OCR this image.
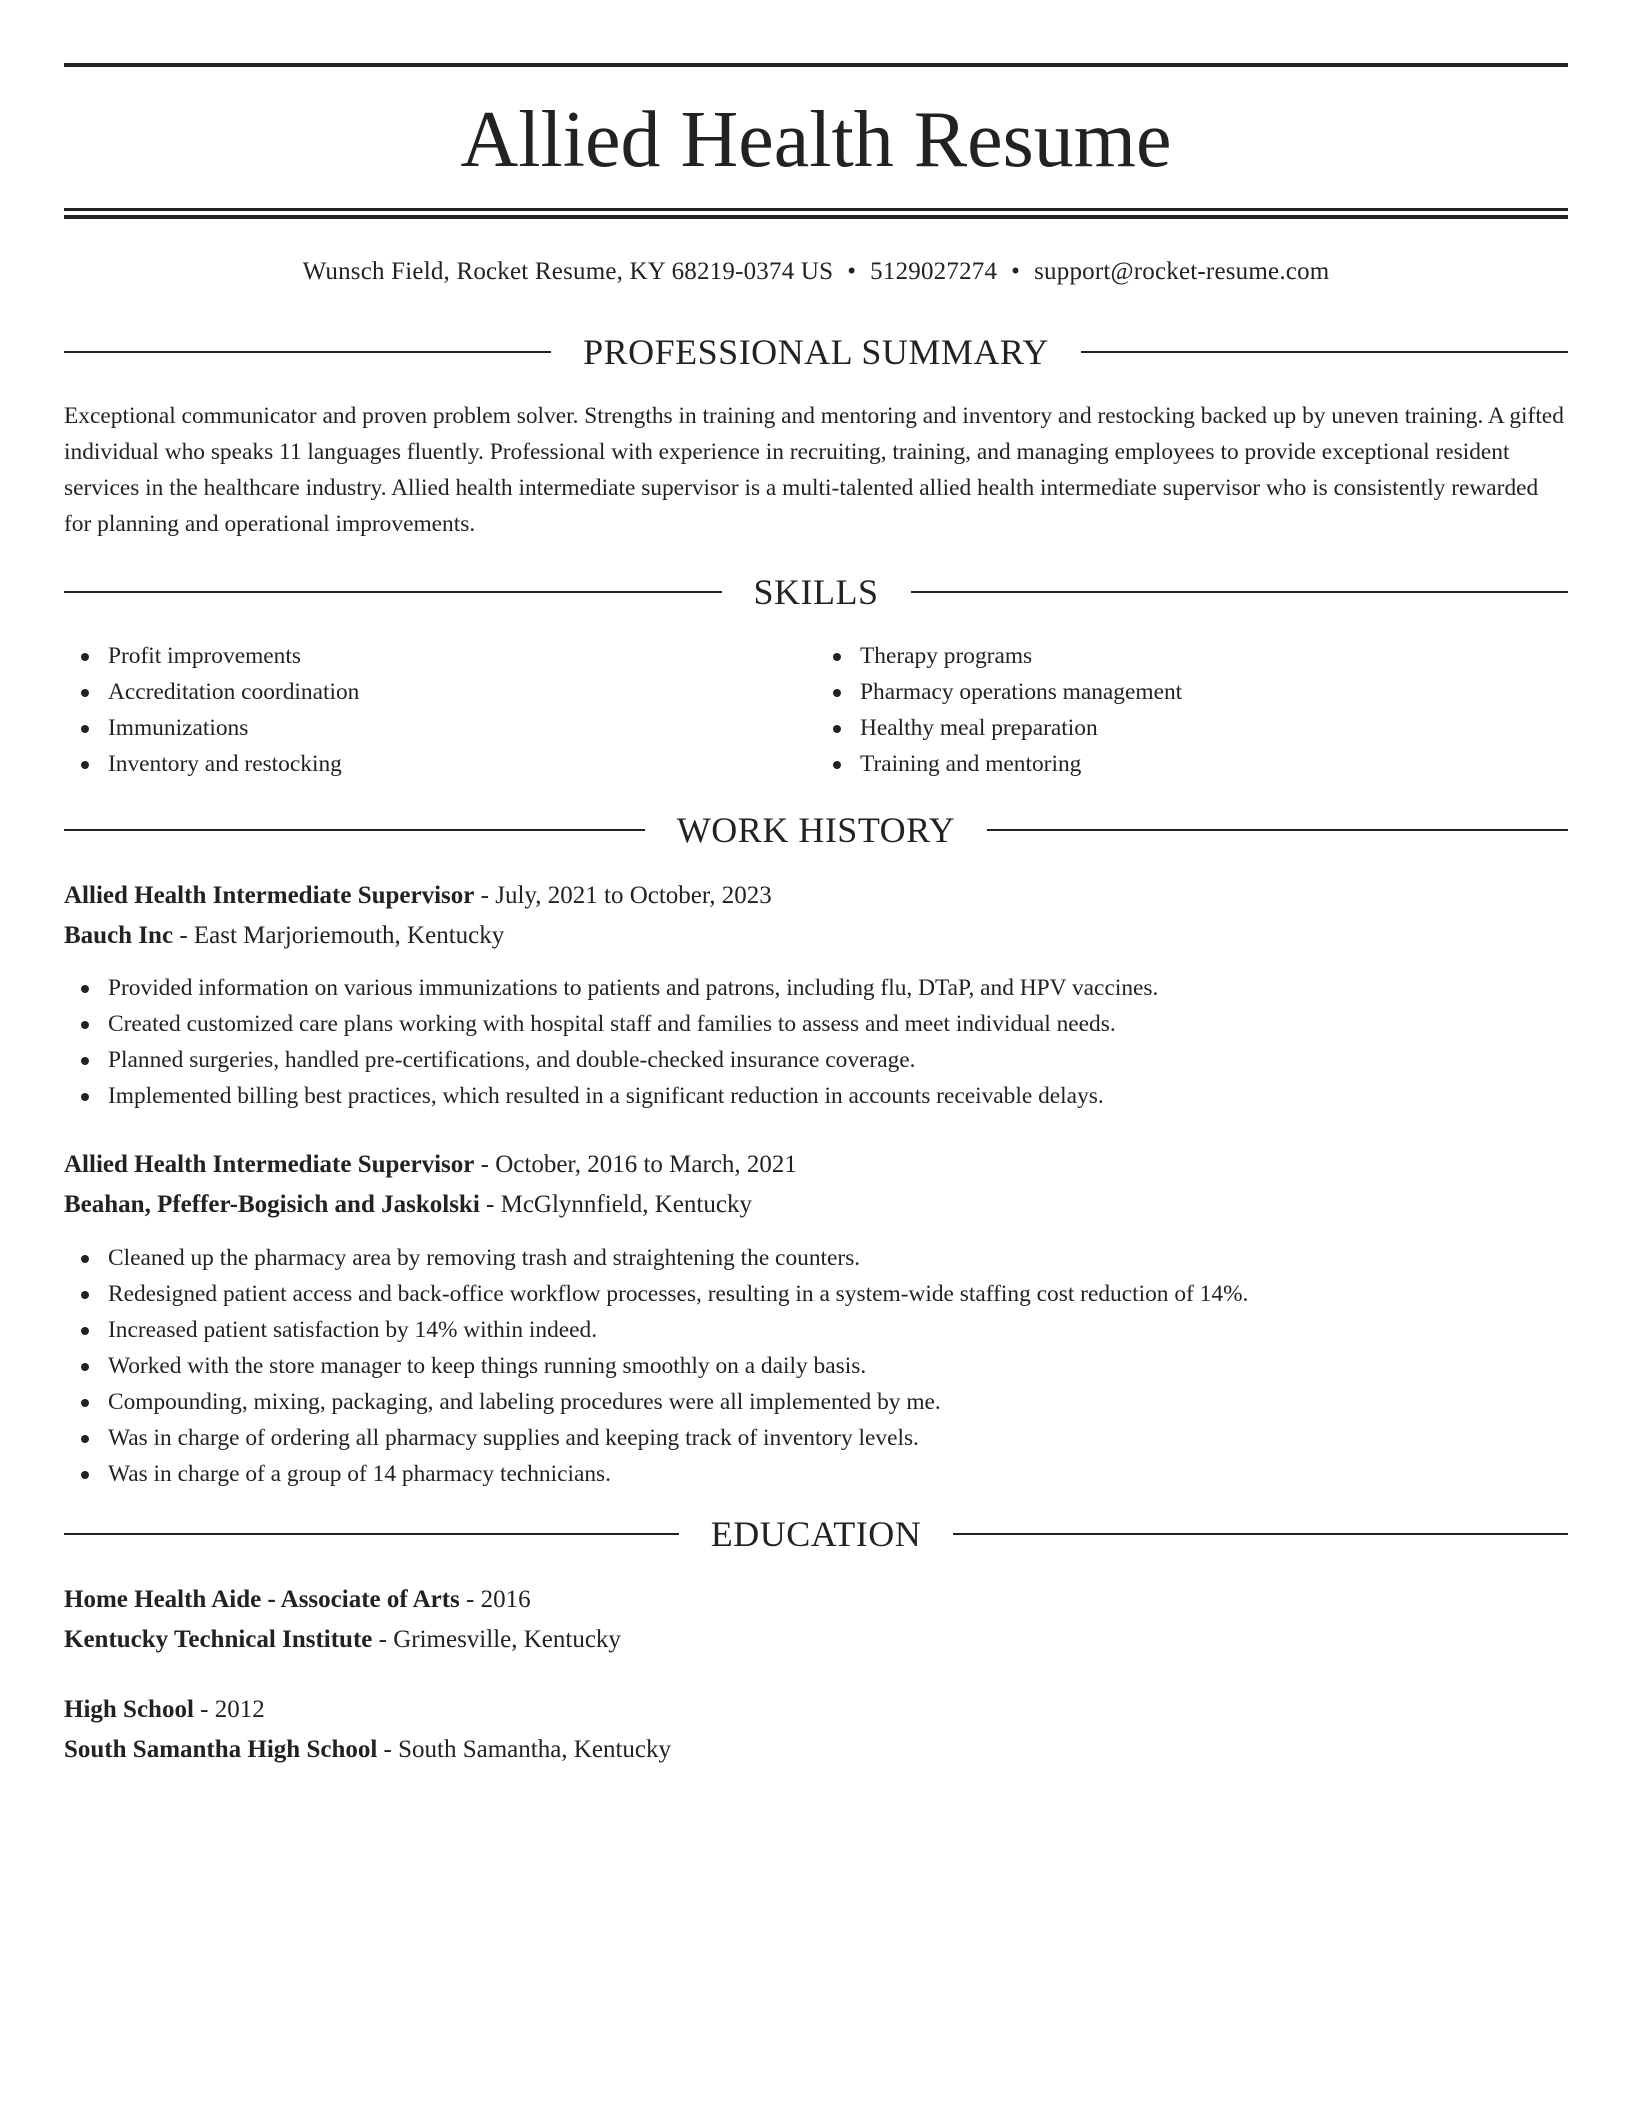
Allied Health Resume
Wunsch Field, Rocket Resume, KY 68219-0374 US • 5129027274 • support@rocket-resume.com
PROFESSIONAL SUMMARY

Exceptional communicator and proven problem solver. Strengths in training and mentoring and inventory and restocking backed up by uneven training. A gifted individual who speaks 11 languages fluently. Professional with experience in recruiting, training, and managing employees to provide exceptional resident services in the healthcare industry. Allied health intermediate supervisor is a multi-talented allied health intermediate supervisor who is consistently rewarded for planning and operational improvements.

SKILLS
Profit improvements
Accreditation coordination
Immunizations
Inventory and restocking
Therapy programs
Pharmacy operations management
Healthy meal preparation
Training and mentoring
WORK HISTORY
Allied Health Intermediate Supervisor - July, 2021 to October, 2023
Bauch Inc - East Marjoriemouth, Kentucky
Provided information on various immunizations to patients and patrons, including flu, DTaP, and HPV vaccines.
Created customized care plans working with hospital staff and families to assess and meet individual needs.
Planned surgeries, handled pre-certifications, and double-checked insurance coverage.
Implemented billing best practices, which resulted in a significant reduction in accounts receivable delays.
Allied Health Intermediate Supervisor - October, 2016 to March, 2021
Beahan, Pfeffer-Bogisich and Jaskolski - McGlynnfield, Kentucky
Cleaned up the pharmacy area by removing trash and straightening the counters.
Redesigned patient access and back-office workflow processes, resulting in a system-wide staffing cost reduction of 14%.
Increased patient satisfaction by 14% within indeed.
Worked with the store manager to keep things running smoothly on a daily basis.
Compounding, mixing, packaging, and labeling procedures were all implemented by me.
Was in charge of ordering all pharmacy supplies and keeping track of inventory levels.
Was in charge of a group of 14 pharmacy technicians.
EDUCATION
Home Health Aide - Associate of Arts - 2016
Kentucky Technical Institute - Grimesville, Kentucky
High School - 2012
South Samantha High School - South Samantha, Kentucky
